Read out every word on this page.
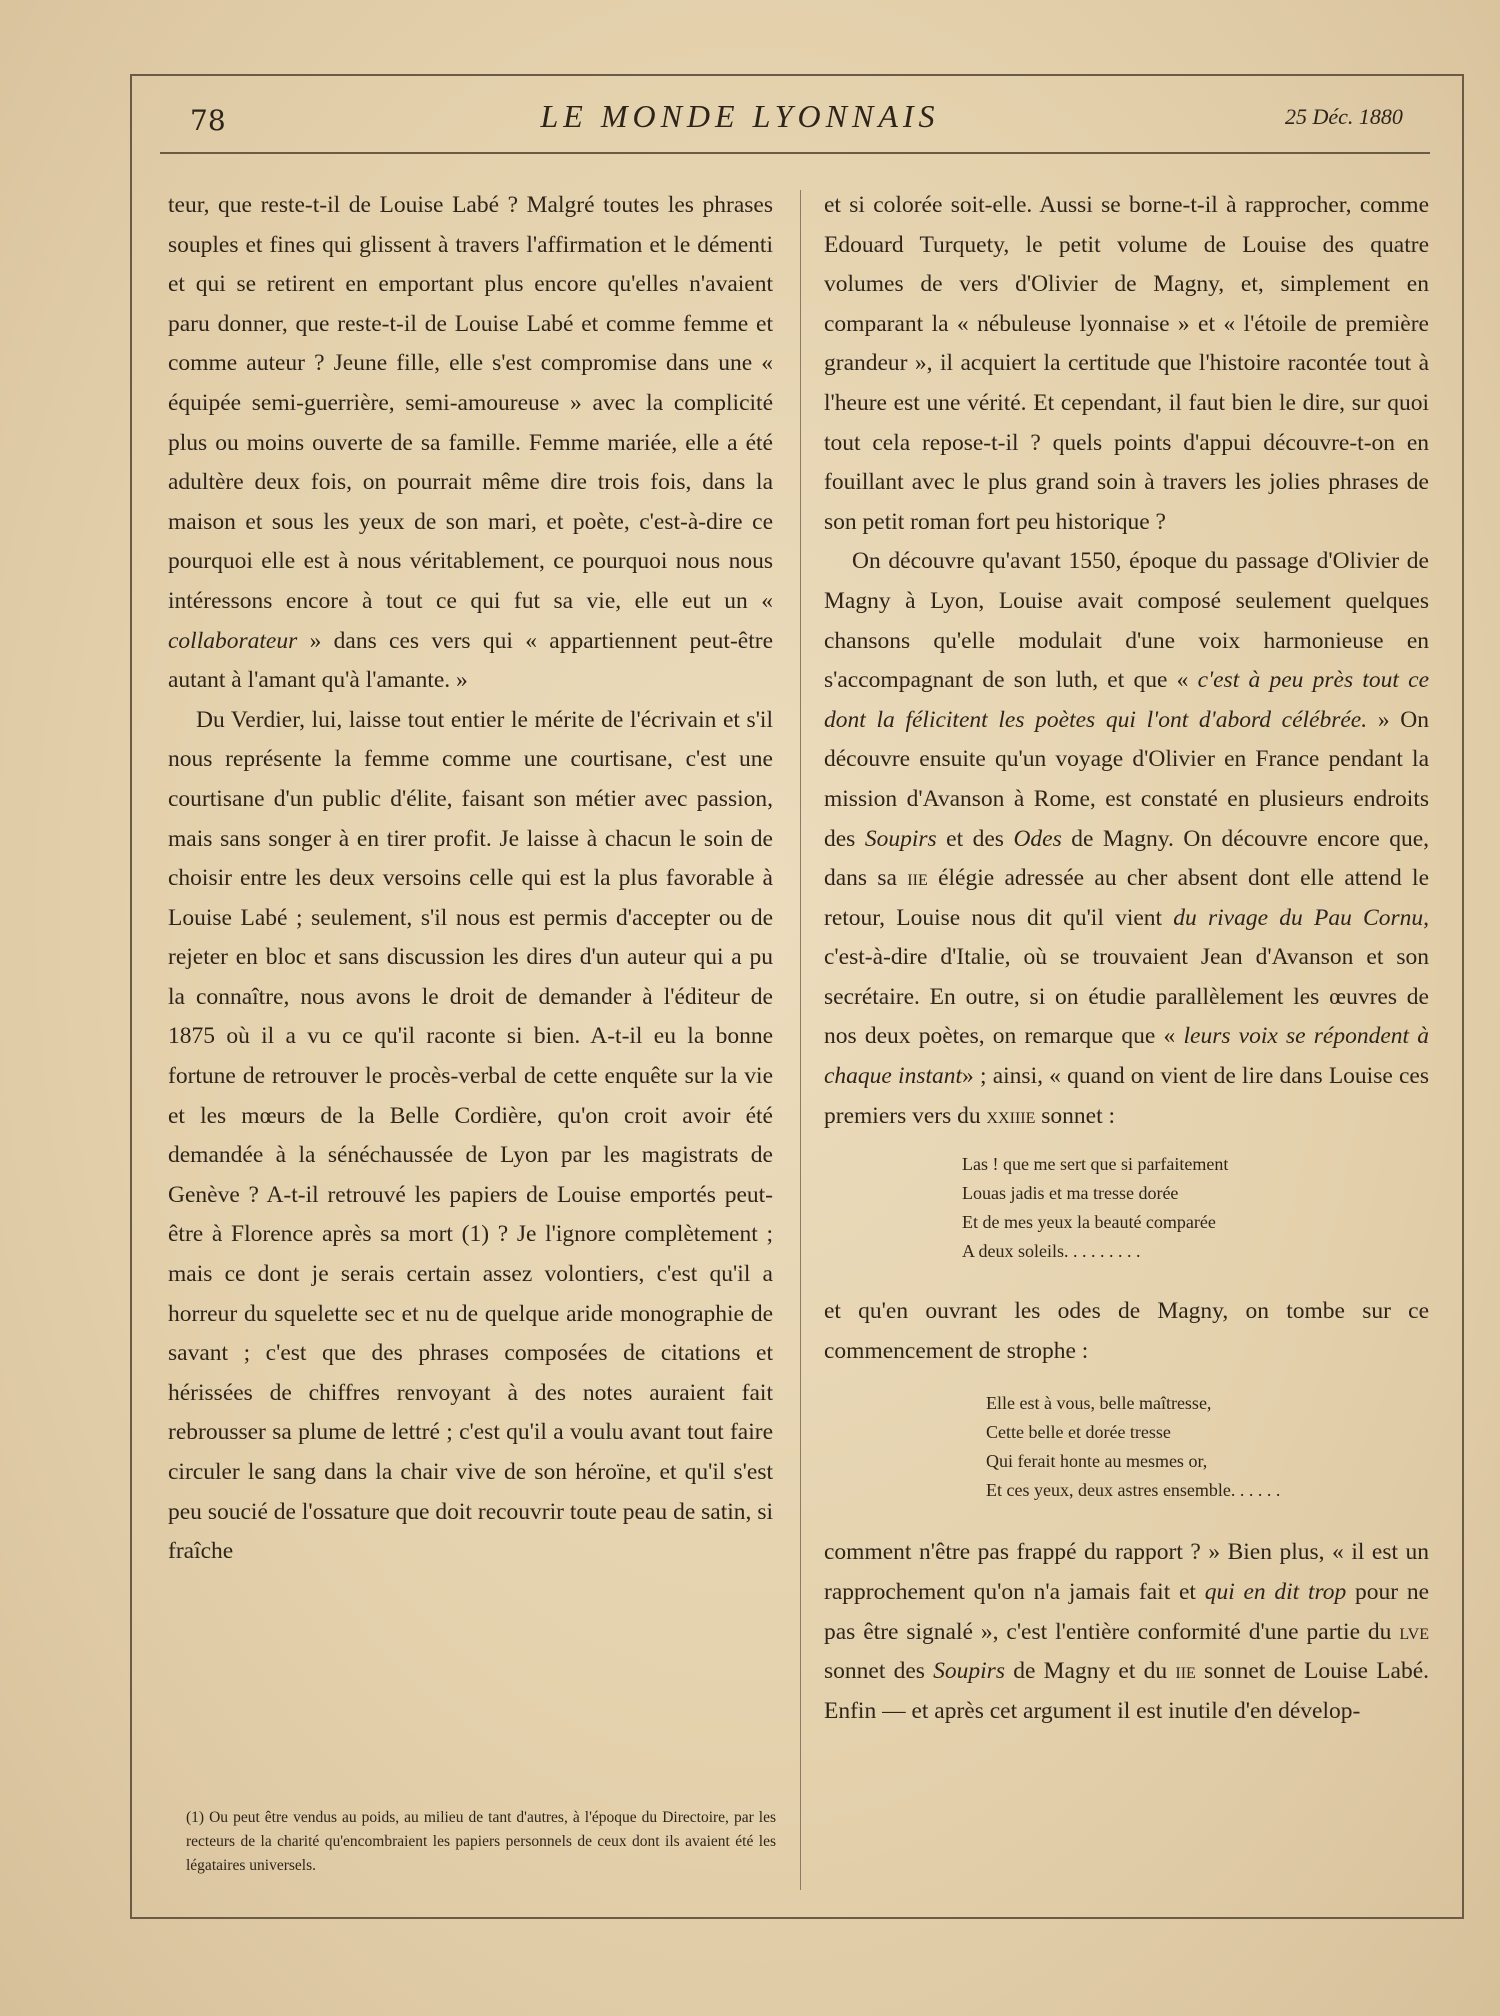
78	LE MONDE LYONNAIS	25 Déc. 1880

teur, que reste-t-il de Louise Labé ? Malgré toutes les phrases souples et fines qui glissent à travers l'affirmation et le démenti et qui se retirent en emportant plus encore qu'elles n'avaient paru donner, que reste-t-il de Louise Labé et comme femme et comme auteur ? Jeune fille, elle s'est compromise dans une « équipée semi-guerrière, semi-amoureuse » avec la complicité plus ou moins ouverte de sa famille. Femme mariée, elle a été adultère deux fois, on pourrait même dire trois fois, dans la maison et sous les yeux de son mari, et poète, c'est-à-dire ce pourquoi elle est à nous véritablement, ce pourquoi nous nous intéressons encore à tout ce qui fut sa vie, elle eut un « collaborateur » dans ces vers qui « appartiennent peut-être autant à l'amant qu'à l'amante. »

Du Verdier, lui, laisse tout entier le mérite de l'écrivain et s'il nous représente la femme comme une courtisane, c'est une courtisane d'un public d'élite, faisant son métier avec passion, mais sans songer à en tirer profit. Je laisse à chacun le soin de choisir entre les deux versoins celle qui est la plus favorable à Louise Labé ; seulement, s'il nous est permis d'accepter ou de rejeter en bloc et sans discussion les dires d'un auteur qui a pu la connaître, nous avons le droit de demander à l'éditeur de 1875 où il a vu ce qu'il raconte si bien. A-t-il eu la bonne fortune de retrouver le procès-verbal de cette enquête sur la vie et les mœurs de la Belle Cordière, qu'on croit avoir été demandée à la sénéchaussée de Lyon par les magistrats de Genève ? A-t-il retrouvé les papiers de Louise emportés peut-être à Florence après sa mort (1) ? Je l'ignore complètement ; mais ce dont je serais certain assez volontiers, c'est qu'il a horreur du squelette sec et nu de quelque aride monographie de savant ; c'est que des phrases composées de citations et hérissées de chiffres renvoyant à des notes auraient fait rebrousser sa plume de lettré ; c'est qu'il a voulu avant tout faire circuler le sang dans la chair vive de son héroïne, et qu'il s'est peu soucié de l'ossature que doit recouvrir toute peau de satin, si fraîche

(1) Ou peut être vendus au poids, au milieu de tant d'autres, à l'époque du Directoire, par les recteurs de la charité qu'encombraient les papiers personnels de ceux dont ils avaient été les légataires universels.

et si colorée soit-elle. Aussi se borne-t-il à rapprocher, comme Edouard Turquety, le petit volume de Louise des quatre volumes de vers d'Olivier de Magny, et, simplement en comparant la « nébuleuse lyonnaise » et « l'étoile de première grandeur », il acquiert la certitude que l'histoire racontée tout à l'heure est une vérité. Et cependant, il faut bien le dire, sur quoi tout cela repose-t-il ? quels points d'appui découvre-t-on en fouillant avec le plus grand soin à travers les jolies phrases de son petit roman fort peu historique ?

On découvre qu'avant 1550, époque du passage d'Olivier de Magny à Lyon, Louise avait composé seulement quelques chansons qu'elle modulait d'une voix harmonieuse en s'accompagnant de son luth, et que « c'est à peu près tout ce dont la félicitent les poètes qui l'ont d'abord célébrée. » On découvre ensuite qu'un voyage d'Olivier en France pendant la mission d'Avanson à Rome, est constaté en plusieurs endroits des Soupirs et des Odes de Magny. On découvre encore que, dans sa iie élégie adressée au cher absent dont elle attend le retour, Louise nous dit qu'il vient du rivage du Pau Cornu, c'est-à-dire d'Italie, où se trouvaient Jean d'Avanson et son secrétaire. En outre, si on étudie parallèlement les œuvres de nos deux poètes, on remarque que « leurs voix se répondent à chaque instant» ; ainsi, « quand on vient de lire dans Louise ces premiers vers du xxiiie sonnet :

Las ! que me sert que si parfaitement
Louas jadis et ma tresse dorée
Et de mes yeux la beauté comparée
A deux soleils. . . . . . . . .

et qu'en ouvrant les odes de Magny, on tombe sur ce commencement de strophe :

Elle est à vous, belle maîtresse,
Cette belle et dorée tresse
Qui ferait honte au mesmes or,
Et ces yeux, deux astres ensemble. . . . . .

comment n'être pas frappé du rapport ? » Bien plus, « il est un rapprochement qu'on n'a jamais fait et qui en dit trop pour ne pas être signalé », c'est l'entière conformité d'une partie du lve sonnet des Soupirs de Magny et du iie sonnet de Louise Labé. Enfin — et après cet argument il est inutile d'en dévelop-
